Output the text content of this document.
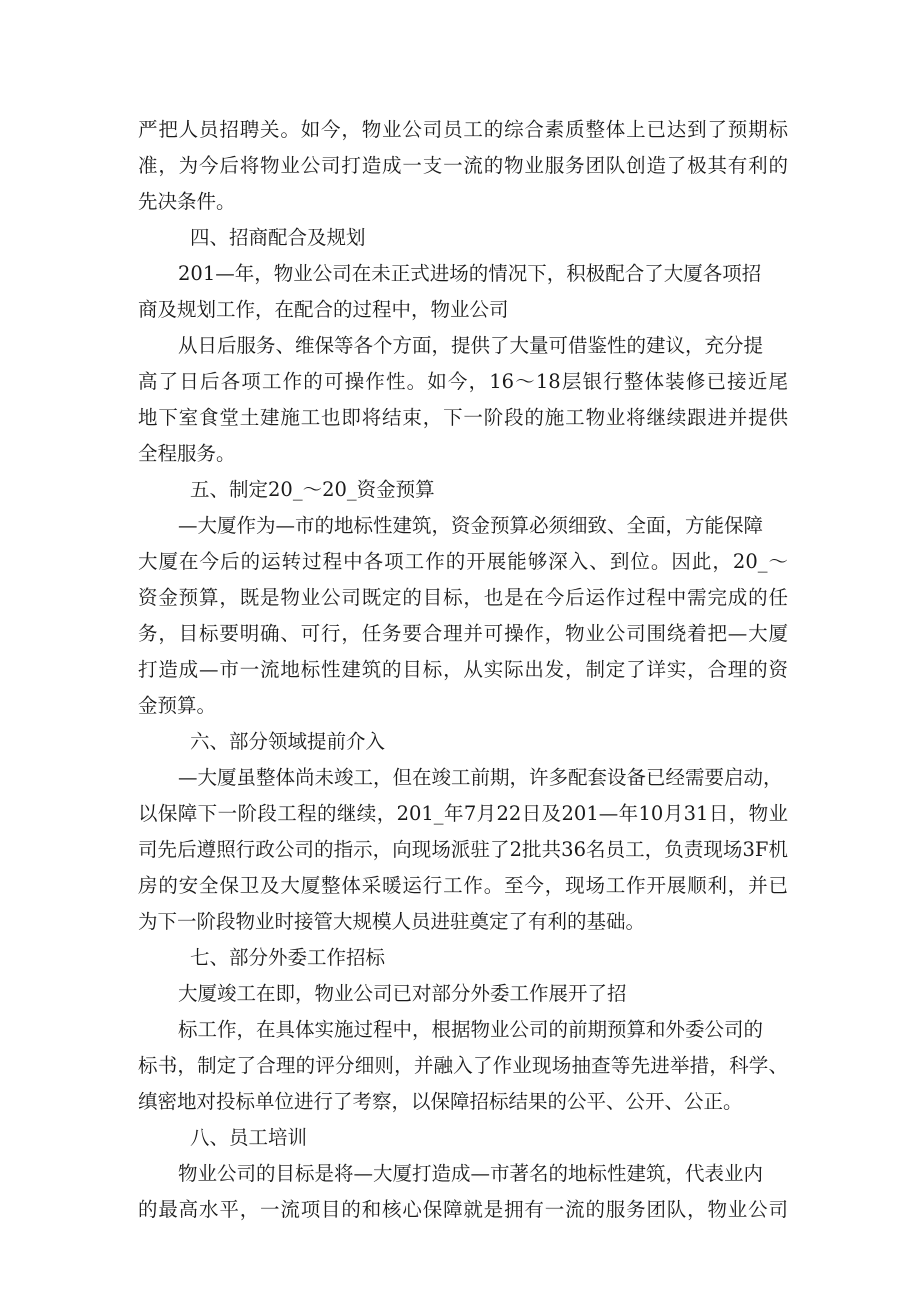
严把人员招聘关。如今，物业公司员工的综合素质整体上已达到了预期标
准，为今后将物业公司打造成一支一流的物业服务团队创造了极其有利的
先决条件。
四、招商配合及规划
201—年，物业公司在未正式进场的情况下，积极配合了大厦各项招
商及规划工作，在配合的过程中，物业公司
从日后服务、维保等各个方面，提供了大量可借鉴性的建议，充分提
高了日后各项工作的可操作性。如今，16～18层银行整体装修已接近尾
地下室食堂土建施工也即将结束，下一阶段的施工物业将继续跟进并提供
全程服务。
五、制定20_～20_资金预算
—大厦作为—市的地标性建筑，资金预算必须细致、全面，方能保障
大厦在今后的运转过程中各项工作的开展能够深入、到位。因此，20_～
资金预算，既是物业公司既定的目标，也是在今后运作过程中需完成的任
务，目标要明确、可行，任务要合理并可操作，物业公司围绕着把—大厦
打造成—市一流地标性建筑的目标，从实际出发，制定了详实，合理的资
金预算。
六、部分领域提前介入
—大厦虽整体尚未竣工，但在竣工前期，许多配套设备已经需要启动，
以保障下一阶段工程的继续，201_年7月22日及201—年10月31日，物业
司先后遵照行政公司的指示，向现场派驻了2批共36名员工，负责现场3F机
房的安全保卫及大厦整体采暖运行工作。至今，现场工作开展顺利，并已
为下一阶段物业时接管大规模人员进驻奠定了有利的基础。
七、部分外委工作招标
大厦竣工在即，物业公司已对部分外委工作展开了招
标工作，在具体实施过程中，根据物业公司的前期预算和外委公司的
标书，制定了合理的评分细则，并融入了作业现场抽查等先进举措，科学、
缜密地对投标单位进行了考察，以保障招标结果的公平、公开、公正。
八、员工培训
物业公司的目标是将—大厦打造成—市著名的地标性建筑，代表业内
的最高水平，一流项目的和核心保障就是拥有一流的服务团队，物业公司
